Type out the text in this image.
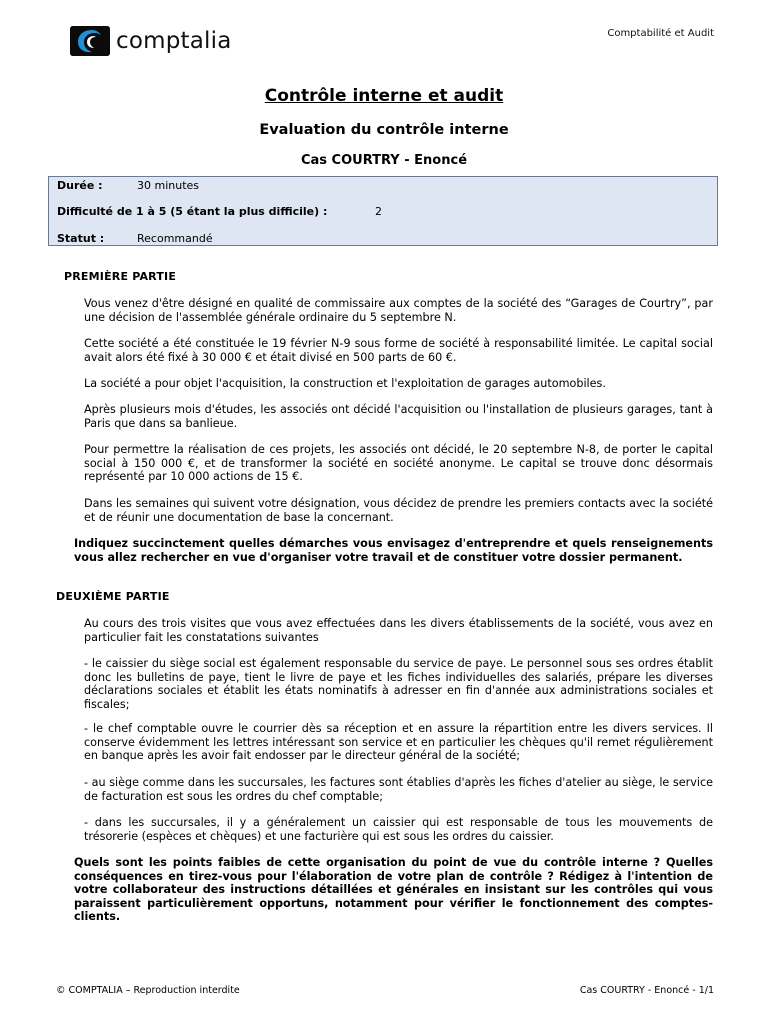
comptalia	Comptabilité et Audit
Contrôle interne et audit
Evaluation du contrôle interne
Cas COURTRY - Enoncé
Durée :	30 minutes
Difficulté de 1 à 5 (5 étant la plus difficile) :	2
Statut :	Recommandé
PREMIÈRE PARTIE

Vous venez d'être désigné en qualité de commissaire aux comptes de la société des “Garages de Courtry”, par une décision de l'assemblée générale ordinaire du 5 septembre N.

Cette société a été constituée le 19 février N-9 sous forme de société à responsabilité limitée. Le capital social avait alors été fixé à 30 000 € et était divisé en 500 parts de 60 €.

La société a pour objet l'acquisition, la construction et l'exploitation de garages automobiles.

Après plusieurs mois d'études, les associés ont décidé l'acquisition ou l'installation de plusieurs garages, tant à Paris que dans sa banlieue.

Pour permettre la réalisation de ces projets, les associés ont décidé, le 20 septembre N-8, de porter le capital social à 150 000 €, et de transformer la société en société anonyme. Le capital se trouve donc désormais représenté par 10 000 actions de 15 €.

Dans les semaines qui suivent votre désignation, vous décidez de prendre les premiers contacts avec la société et de réunir une documentation de base la concernant.

Indiquez succinctement quelles démarches vous envisagez d'entreprendre et quels renseignements vous allez rechercher en vue d'organiser votre travail et de constituer votre dossier permanent.

DEUXIÈME PARTIE

Au cours des trois visites que vous avez effectuées dans les divers établissements de la société, vous avez en particulier fait les constatations suivantes

- le caissier du siège social est également responsable du service de paye. Le personnel sous ses ordres établit donc les bulletins de paye, tient le livre de paye et les fiches individuelles des salariés, prépare les diverses déclarations sociales et établit les états nominatifs à adresser en fin d'année aux administrations sociales et fiscales;

- le chef comptable ouvre le courrier dès sa réception et en assure la répartition entre les divers services. Il conserve évidemment les lettres intéressant son service et en particulier les chèques qu'il remet régulièrement en banque après les avoir fait endosser par le directeur général de la société;

- au siège comme dans les succursales, les factures sont établies d'après les fiches d'atelier au siège, le service de facturation est sous les ordres du chef comptable;

- dans les succursales, il y a généralement un caissier qui est responsable de tous les mouvements de trésorerie (espèces et chèques) et une facturière qui est sous les ordres du caissier.

Quels sont les points faibles de cette organisation du point de vue du contrôle interne ? Quelles conséquences en tirez-vous pour l'élaboration de votre plan de contrôle ? Rédigez à l'intention de votre collaborateur des instructions détaillées et générales en insistant sur les contrôles qui vous paraissent particulièrement opportuns, notamment pour vérifier le fonctionnement des comptes-clients.

© COMPTALIA – Reproduction interdite	Cas COURTRY - Enoncé - 1/1
